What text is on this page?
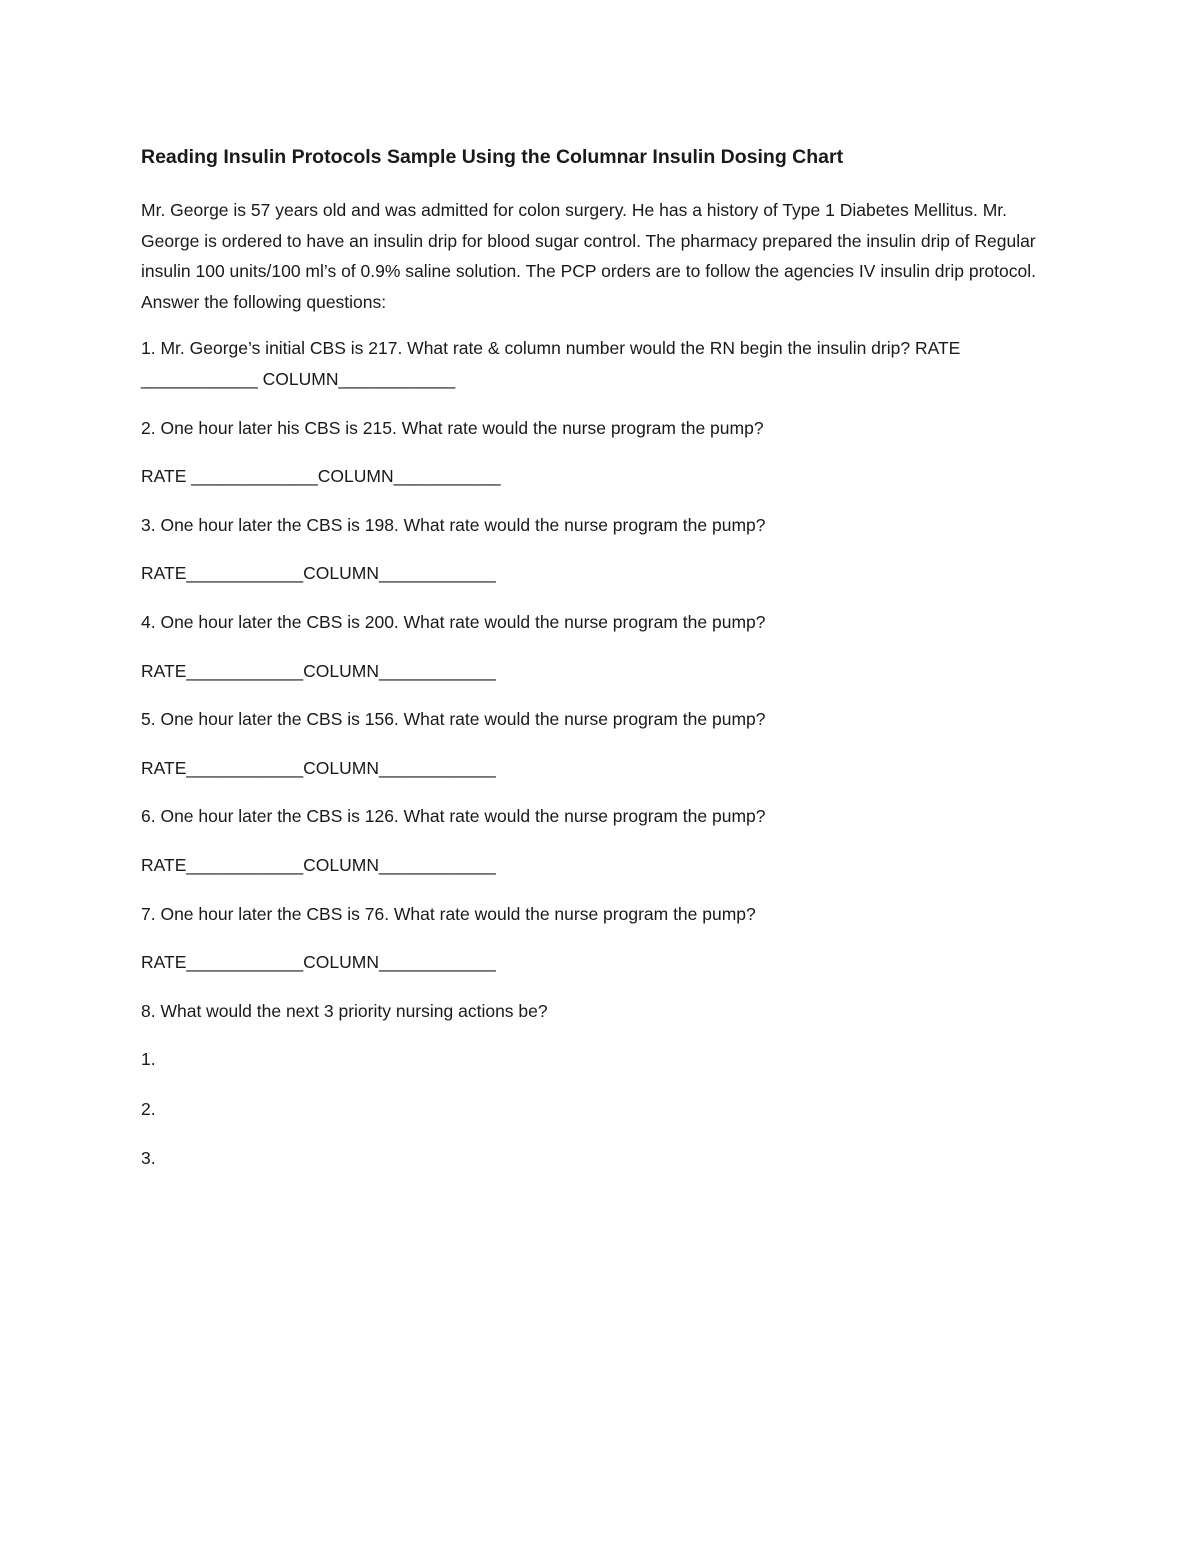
Reading Insulin Protocols Sample Using the Columnar Insulin Dosing Chart
Mr. George is 57 years old and was admitted for colon surgery. He has a history of Type 1 Diabetes Mellitus. Mr. George is ordered to have an insulin drip for blood sugar control. The pharmacy prepared the insulin drip of Regular insulin 100 units/100 ml’s of 0.9% saline solution. The PCP orders are to follow the agencies IV insulin drip protocol. Answer the following questions:
1. Mr. George’s initial CBS is 217. What rate & column number would the RN begin the insulin drip? RATE ____________ COLUMN____________
2. One hour later his CBS is 215. What rate would the nurse program the pump?
RATE _____________COLUMN___________
3. One hour later the CBS is 198. What rate would the nurse program the pump?
RATE____________COLUMN____________
4. One hour later the CBS is 200. What rate would the nurse program the pump?
RATE____________COLUMN____________
5. One hour later the CBS is 156. What rate would the nurse program the pump?
RATE____________COLUMN____________
6. One hour later the CBS is 126. What rate would the nurse program the pump?
RATE____________COLUMN____________
7. One hour later the CBS is 76. What rate would the nurse program the pump?
RATE____________COLUMN____________
8. What would the next 3 priority nursing actions be?
1.
2.
3.
